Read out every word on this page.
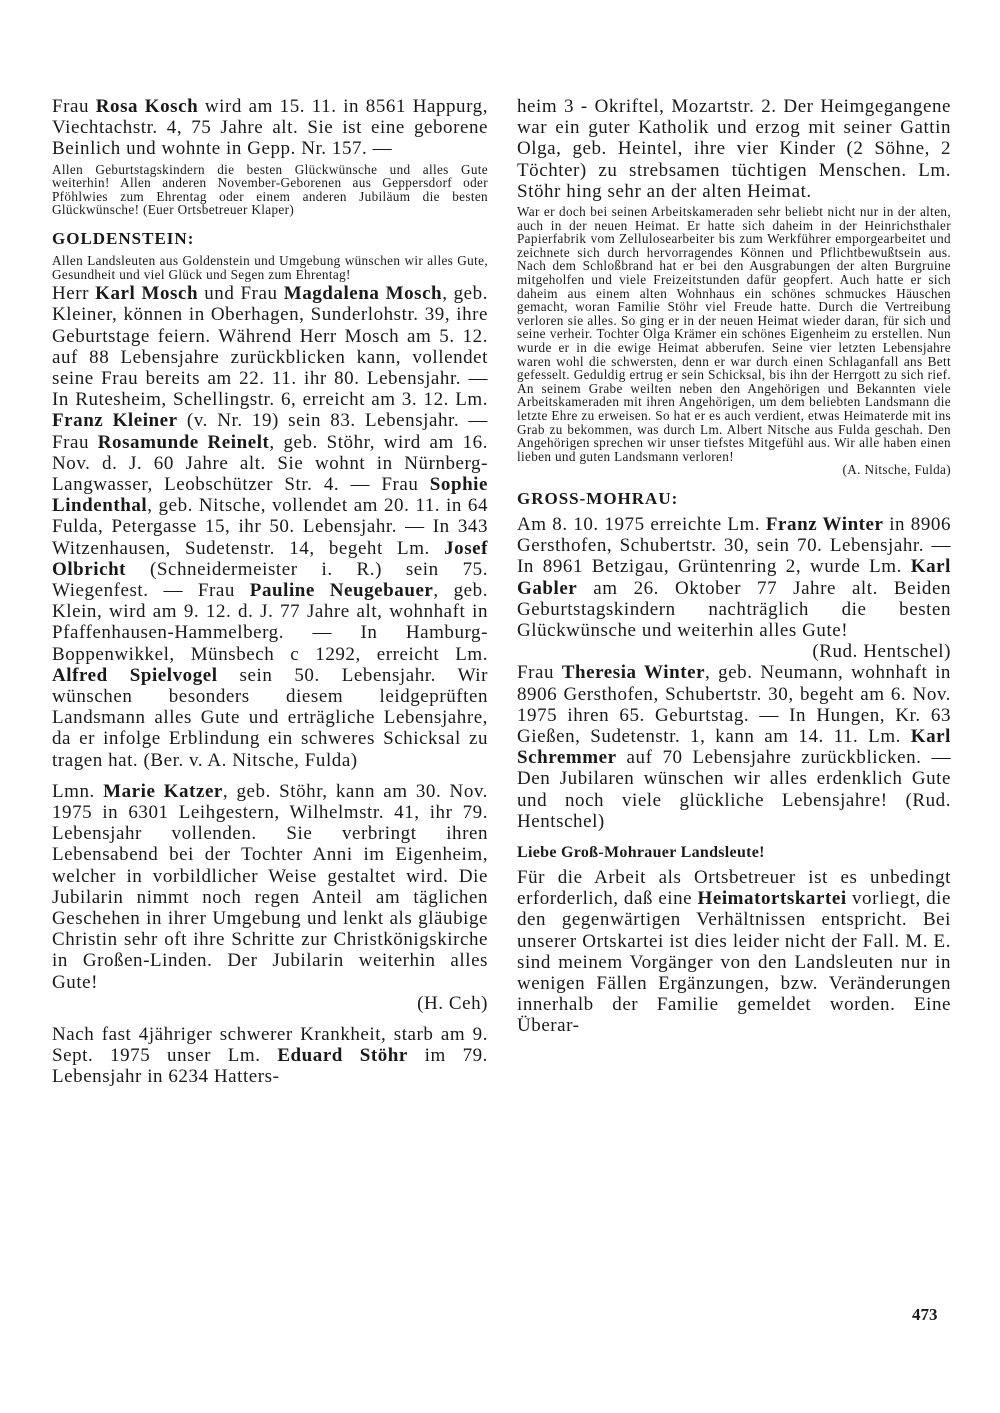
Frau Rosa Kosch wird am 15. 11. in 8561 Happurg, Viechtachstr. 4, 75 Jahre alt. Sie ist eine geborene Beinlich und wohnte in Gepp. Nr. 157. —

Allen Geburtstagskindern die besten Glückwünsche und alles Gute weiterhin! Allen anderen November-Geborenen aus Geppersdorf oder Pföhlwies zum Ehrentag oder einem anderen Jubiläum die besten Glückwünsche! (Euer Ortsbetreuer Klaper)

GOLDENSTEIN:

Allen Landsleuten aus Goldenstein und Umgebung wünschen wir alles Gute, Gesundheit und viel Glück und Segen zum Ehrentag!

Herr Karl Mosch und Frau Magdalena Mosch, geb. Kleiner, können in Oberhagen, Sunderlohstr. 39, ihre Geburtstage feiern. Während Herr Mosch am 5. 12. auf 88 Lebensjahre zurückblicken kann, vollendet seine Frau bereits am 22. 11. ihr 80. Lebensjahr. — In Rutesheim, Schellingstr. 6, erreicht am 3. 12. Lm. Franz Kleiner (v. Nr. 19) sein 83. Lebensjahr. — Frau Rosamunde Reinelt, geb. Stöhr, wird am 16. Nov. d. J. 60 Jahre alt. Sie wohnt in Nürnberg-Langwasser, Leobschützer Str. 4. — Frau Sophie Lindenthal, geb. Nitsche, vollendet am 20. 11. in 64 Fulda, Petergasse 15, ihr 50. Lebensjahr. — In 343 Witzenhausen, Sudetenstr. 14, begeht Lm. Josef Olbricht (Schneidermeister i. R.) sein 75. Wiegenfest. — Frau Pauline Neugebauer, geb. Klein, wird am 9. 12. d. J. 77 Jahre alt, wohnhaft in Pfaffenhausen-Hammelberg. — In Hamburg-Boppenwikkel, Münsbech c 1292, erreicht Lm. Alfred Spielvogel sein 50. Lebensjahr. Wir wünschen besonders diesem leidgeprüften Landsmann alles Gute und erträgliche Lebensjahre, da er infolge Erblindung ein schweres Schicksal zu tragen hat. (Ber. v. A. Nitsche, Fulda)

Lmn. Marie Katzer, geb. Stöhr, kann am 30. Nov. 1975 in 6301 Leihgestern, Wilhelmstr. 41, ihr 79. Lebensjahr vollenden. Sie verbringt ihren Lebensabend bei der Tochter Anni im Eigenheim, welcher in vorbildlicher Weise gestaltet wird. Die Jubilarin nimmt noch regen Anteil am täglichen Geschehen in ihrer Umgebung und lenkt als gläubige Christin sehr oft ihre Schritte zur Christkönigskirche in Großen-Linden. Der Jubilarin weiterhin alles Gute!
(H. Ceh)

Nach fast 4jähriger schwerer Krankheit, starb am 9. Sept. 1975 unser Lm. Eduard Stöhr im 79. Lebensjahr in 6234 Hatters-

heim 3 - Okriftel, Mozartstr. 2. Der Heimgegangene war ein guter Katholik und erzog mit seiner Gattin Olga, geb. Heintel, ihre vier Kinder (2 Söhne, 2 Töchter) zu strebsamen tüchtigen Menschen. Lm. Stöhr hing sehr an der alten Heimat.

War er doch bei seinen Arbeitskameraden sehr beliebt nicht nur in der alten, auch in der neuen Heimat. Er hatte sich daheim in der Heinrichsthaler Papierfabrik vom Zellulosearbeiter bis zum Werkführer emporgearbeitet und zeichnete sich durch hervorragendes Können und Pflichtbewußtsein aus. Nach dem Schloßbrand hat er bei den Ausgrabungen der alten Burgruine mitgeholfen und viele Freizeitstunden dafür geopfert. Auch hatte er sich daheim aus einem alten Wohnhaus ein schönes schmuckes Häuschen gemacht, woran Familie Stöhr viel Freude hatte. Durch die Vertreibung verloren sie alles. So ging er in der neuen Heimat wieder daran, für sich und seine verheir. Tochter Olga Krämer ein schönes Eigenheim zu erstellen. Nun wurde er in die ewige Heimat abberufen. Seine vier letzten Lebensjahre waren wohl die schwersten, denn er war durch einen Schlaganfall ans Bett gefesselt. Geduldig ertrug er sein Schicksal, bis ihn der Herrgott zu sich rief. An seinem Grabe weilten neben den Angehörigen und Bekannten viele Arbeitskameraden mit ihren Angehörigen, um dem beliebten Landsmann die letzte Ehre zu erweisen. So hat er es auch verdient, etwas Heimaterde mit ins Grab zu bekommen, was durch Lm. Albert Nitsche aus Fulda geschah. Den Angehörigen sprechen wir unser tiefstes Mitgefühl aus. Wir alle haben einen lieben und guten Landsmann verloren!
(A. Nitsche, Fulda)

GROSS-MOHRAU:

Am 8. 10. 1975 erreichte Lm. Franz Winter in 8906 Gersthofen, Schubertstr. 30, sein 70. Lebensjahr. — In 8961 Betzigau, Grüntenring 2, wurde Lm. Karl Gabler am 26. Oktober 77 Jahre alt. Beiden Geburtstagskindern nachträglich die besten Glückwünsche und weiterhin alles Gute!
(Rud. Hentschel)

Frau Theresia Winter, geb. Neumann, wohnhaft in 8906 Gersthofen, Schubertstr. 30, begeht am 6. Nov. 1975 ihren 65. Geburtstag. — In Hungen, Kr. 63 Gießen, Sudetenstr. 1, kann am 14. 11. Lm. Karl Schremmer auf 70 Lebensjahre zurückblicken. — Den Jubilaren wünschen wir alles erdenklich Gute und noch viele glückliche Lebensjahre! (Rud. Hentschel)

Liebe Groß-Mohrauer Landsleute!

Für die Arbeit als Ortsbetreuer ist es unbedingt erforderlich, daß eine Heimatortskartei vorliegt, die den gegenwärtigen Verhältnissen entspricht. Bei unserer Ortskartei ist dies leider nicht der Fall. M. E. sind meinem Vorgänger von den Landsleuten nur in wenigen Fällen Ergänzungen, bzw. Veränderungen innerhalb der Familie gemeldet worden. Eine Überar-

473
